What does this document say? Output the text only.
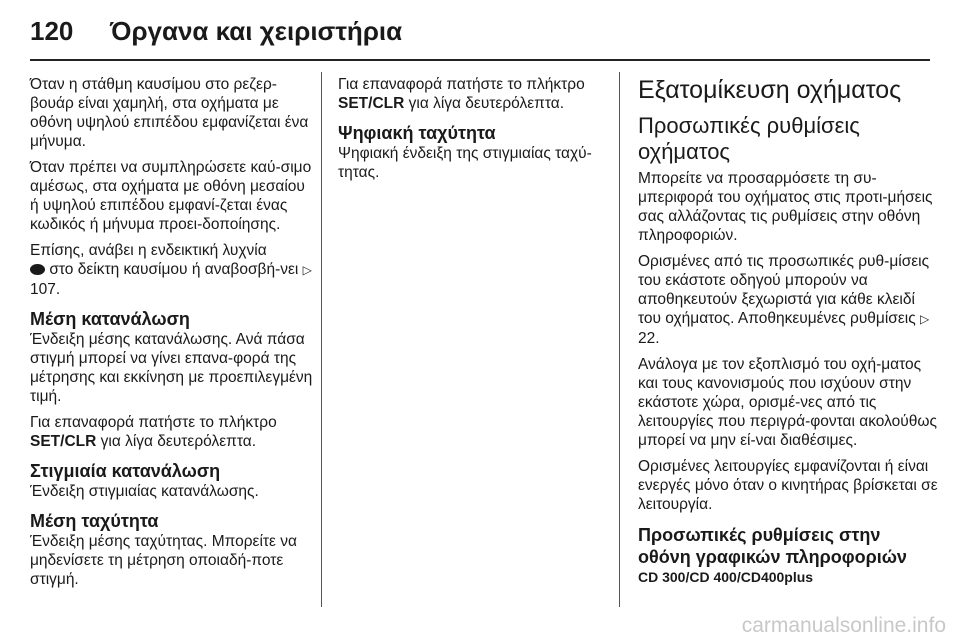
120 Όργανα και χειριστήρια

Όταν η στάθμη καυσίμου στο ρεζερ-βουάρ είναι χαμηλή, στα οχήματα με οθόνη υψηλού επιπέδου εμφανίζεται ένα μήνυμα.

Όταν πρέπει να συμπληρώσετε καύ-σιμο αμέσως, στα οχήματα με οθόνη μεσαίου ή υψηλού επιπέδου εμφανί-ζεται ένας κωδικός ή μήνυμα προει-δοποίησης.

Επίσης, ανάβει η ενδεικτική λυχνία
στο δείκτη καυσίμου ή αναβοσβή-νει ▷ 107.

Μέση κατανάλωση

Ένδειξη μέσης κατανάλωσης. Ανά πάσα στιγμή μπορεί να γίνει επανα-φορά της μέτρησης και εκκίνηση με προεπιλεγμένη τιμή.

Για επαναφορά πατήστε το πλήκτρο SET/CLR για λίγα δευτερόλεπτα.

Στιγμιαία κατανάλωση

Ένδειξη στιγμιαίας κατανάλωσης.

Μέση ταχύτητα

Ένδειξη μέσης ταχύτητας. Μπορείτε να μηδενίσετε τη μέτρηση οποιαδή-ποτε στιγμή.

Για επαναφορά πατήστε το πλήκτρο SET/CLR για λίγα δευτερόλεπτα.

Ψηφιακή ταχύτητα

Ψηφιακή ένδειξη της στιγμιαίας ταχύ-τητας.

Εξατομίκευση οχήματος
Προσωπικές ρυθμίσεις οχήματος

Μπορείτε να προσαρμόσετε τη συ-μπεριφορά του οχήματος στις προτι-μήσεις σας αλλάζοντας τις ρυθμίσεις στην οθόνη πληροφοριών.

Ορισμένες από τις προσωπικές ρυθ-μίσεις του εκάστοτε οδηγού μπορούν να αποθηκευτούν ξεχωριστά για κάθε κλειδί του οχήματος. Αποθηκευμένες ρυθμίσεις ▷ 22.

Ανάλογα με τον εξοπλισμό του οχή-ματος και τους κανονισμούς που ισχύουν στην εκάστοτε χώρα, ορισμέ-νες από τις λειτουργίες που περιγρά-φονται ακολούθως μπορεί να μην εί-ναι διαθέσιμες.

Ορισμένες λειτουργίες εμφανίζονται ή είναι ενεργές μόνο όταν ο κινητήρας βρίσκεται σε λειτουργία.

Προσωπικές ρυθμίσεις στην οθόνη γραφικών πληροφοριών
CD 300/CD 400/CD400plus
carmanualsonline.info
